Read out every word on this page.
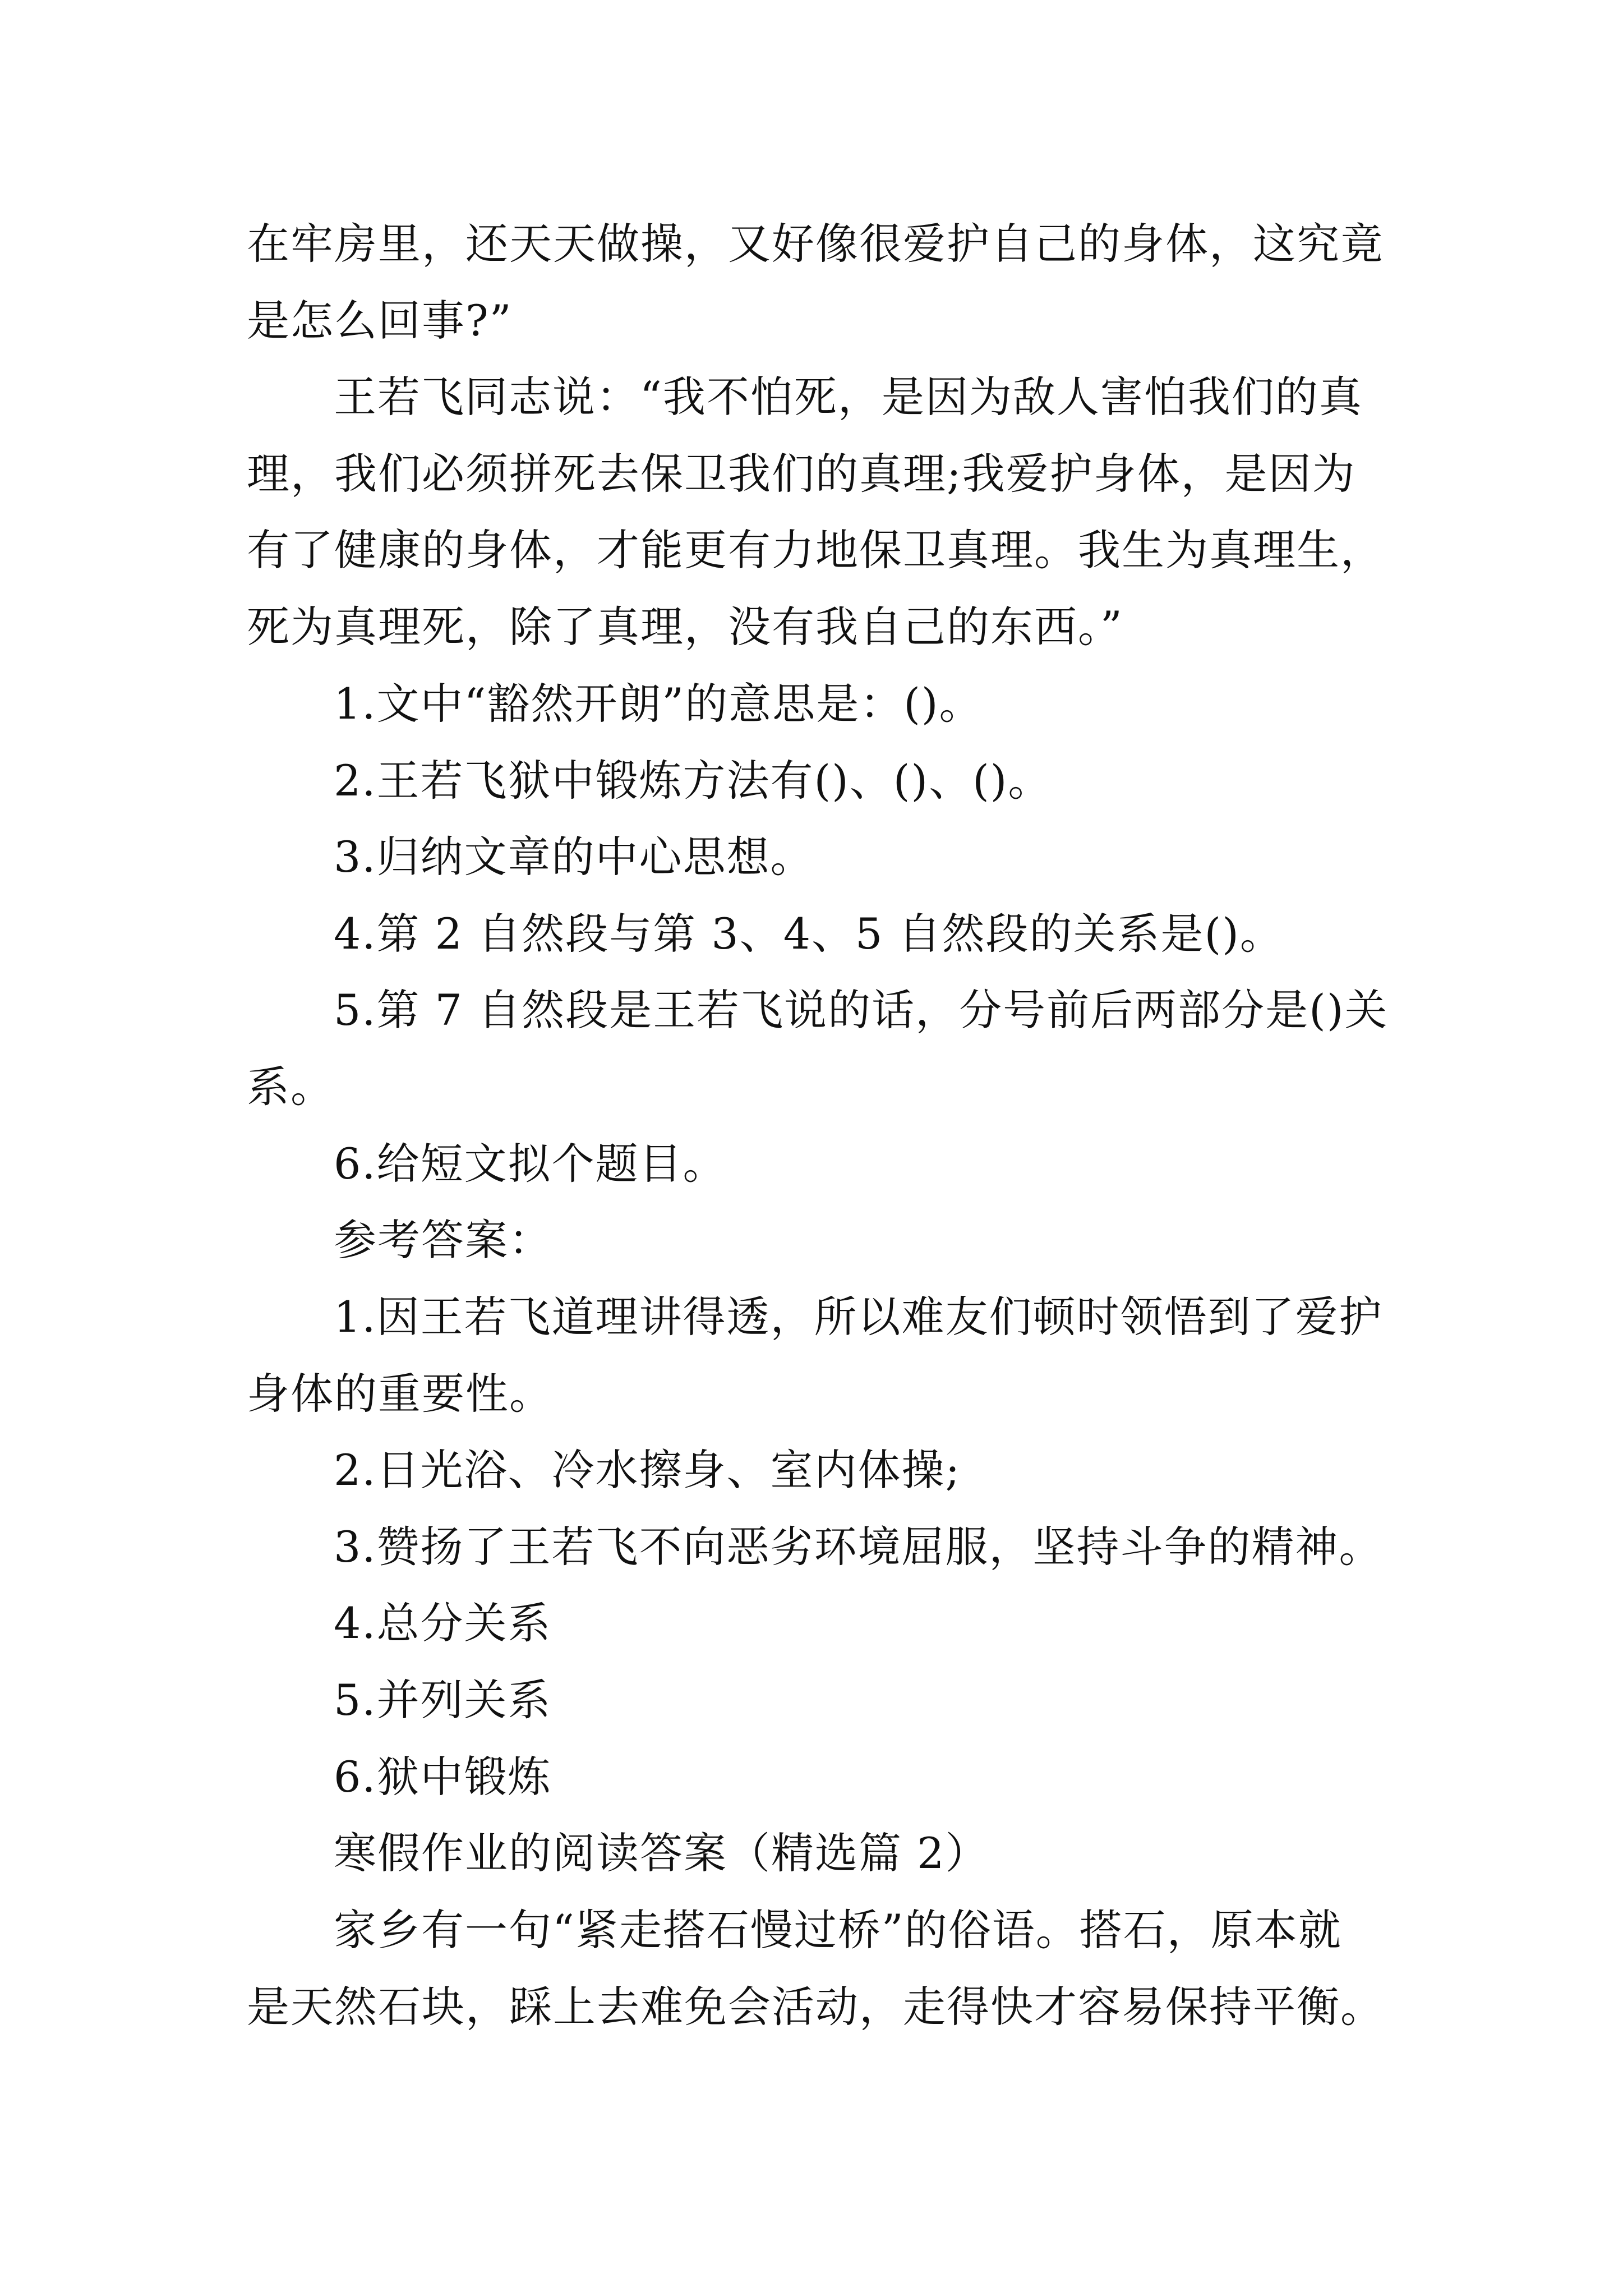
在牢房里，还天天做操，又好像很爱护自己的身体，这究竟
是怎么回事?”
王若飞同志说：“我不怕死，是因为敌人害怕我们的真
理，我们必须拼死去保卫我们的真理;我爱护身体，是因为
有了健康的身体，才能更有力地保卫真理。我生为真理生，
死为真理死，除了真理，没有我自己的东西。”
1.文中“豁然开朗”的意思是：()。
2.王若飞狱中锻炼方法有()、()、()。
3.归纳文章的中心思想。
4.第 2 自然段与第 3、4、5 自然段的关系是()。
5.第 7 自然段是王若飞说的话，分号前后两部分是()关
系。
6.给短文拟个题目。
参考答案：
1.因王若飞道理讲得透，所以难友们顿时领悟到了爱护
身体的重要性。
2.日光浴、冷水擦身、室内体操;
3.赞扬了王若飞不向恶劣环境屈服，坚持斗争的精神。
4.总分关系
5.并列关系
6.狱中锻炼
寒假作业的阅读答案（精选篇 2）
家乡有一句“紧走搭石慢过桥”的俗语。搭石，原本就
是天然石块，踩上去难免会活动，走得快才容易保持平衡。
